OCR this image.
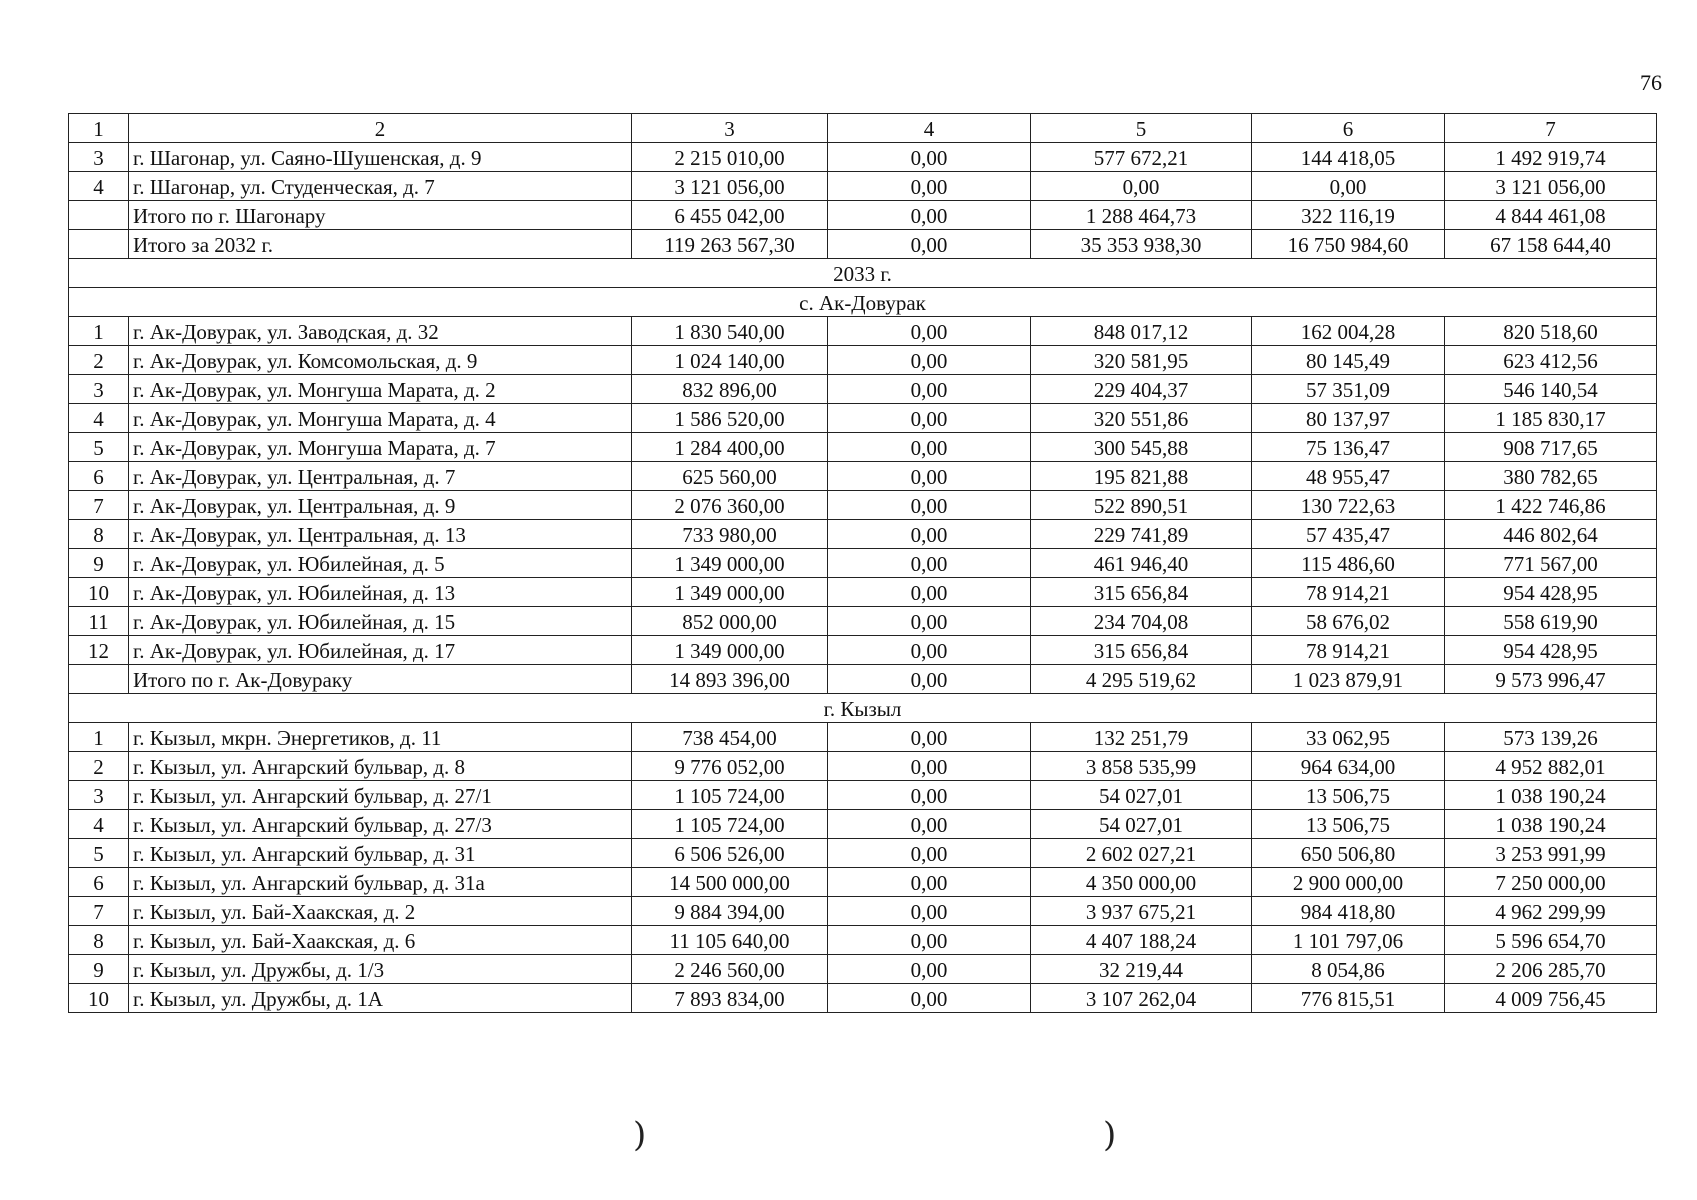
76
1	2	3	4	5	6	7
3	г. Шагонар, ул. Саяно-Шушенская, д. 9	2 215 010,00	0,00	577 672,21	144 418,05	1 492 919,74
4	г. Шагонар, ул. Студенческая, д. 7	3 121 056,00	0,00	0,00	0,00	3 121 056,00
	Итого по г. Шагонару	6 455 042,00	0,00	1 288 464,73	322 116,19	4 844 461,08
	Итого за 2032 г.	119 263 567,30	0,00	35 353 938,30	16 750 984,60	67 158 644,40
2033 г.						
с. Ак-Довурак						
1	г. Ак-Довурак, ул. Заводская, д. 32	1 830 540,00	0,00	848 017,12	162 004,28	820 518,60
2	г. Ак-Довурак, ул. Комсомольская, д. 9	1 024 140,00	0,00	320 581,95	80 145,49	623 412,56
3	г. Ак-Довурак, ул. Монгуша Марата, д. 2	832 896,00	0,00	229 404,37	57 351,09	546 140,54
4	г. Ак-Довурак, ул. Монгуша Марата, д. 4	1 586 520,00	0,00	320 551,86	80 137,97	1 185 830,17
5	г. Ак-Довурак, ул. Монгуша Марата, д. 7	1 284 400,00	0,00	300 545,88	75 136,47	908 717,65
6	г. Ак-Довурак, ул. Центральная, д. 7	625 560,00	0,00	195 821,88	48 955,47	380 782,65
7	г. Ак-Довурак, ул. Центральная, д. 9	2 076 360,00	0,00	522 890,51	130 722,63	1 422 746,86
8	г. Ак-Довурак, ул. Центральная, д. 13	733 980,00	0,00	229 741,89	57 435,47	446 802,64
9	г. Ак-Довурак, ул. Юбилейная, д. 5	1 349 000,00	0,00	461 946,40	115 486,60	771 567,00
10	г. Ак-Довурак, ул. Юбилейная, д. 13	1 349 000,00	0,00	315 656,84	78 914,21	954 428,95
11	г. Ак-Довурак, ул. Юбилейная, д. 15	852 000,00	0,00	234 704,08	58 676,02	558 619,90
12	г. Ак-Довурак, ул. Юбилейная, д. 17	1 349 000,00	0,00	315 656,84	78 914,21	954 428,95
	Итого по г. Ак-Довураку	14 893 396,00	0,00	4 295 519,62	1 023 879,91	9 573 996,47
г. Кызыл						
1	г. Кызыл, мкрн. Энергетиков, д. 11	738 454,00	0,00	132 251,79	33 062,95	573 139,26
2	г. Кызыл, ул. Ангарский бульвар, д. 8	9 776 052,00	0,00	3 858 535,99	964 634,00	4 952 882,01
3	г. Кызыл, ул. Ангарский бульвар, д. 27/1	1 105 724,00	0,00	54 027,01	13 506,75	1 038 190,24
4	г. Кызыл, ул. Ангарский бульвар, д. 27/3	1 105 724,00	0,00	54 027,01	13 506,75	1 038 190,24
5	г. Кызыл, ул. Ангарский бульвар, д. 31	6 506 526,00	0,00	2 602 027,21	650 506,80	3 253 991,99
6	г. Кызыл, ул. Ангарский бульвар, д. 31а	14 500 000,00	0,00	4 350 000,00	2 900 000,00	7 250 000,00
7	г. Кызыл, ул. Бай-Хаакская, д. 2	9 884 394,00	0,00	3 937 675,21	984 418,80	4 962 299,99
8	г. Кызыл, ул. Бай-Хаакская, д. 6	11 105 640,00	0,00	4 407 188,24	1 101 797,06	5 596 654,70
9	г. Кызыл, ул. Дружбы, д. 1/3	2 246 560,00	0,00	32 219,44	8 054,86	2 206 285,70
10	г. Кызыл, ул. Дружбы, д. 1А	7 893 834,00	0,00	3 107 262,04	776 815,51	4 009 756,45
)	)
